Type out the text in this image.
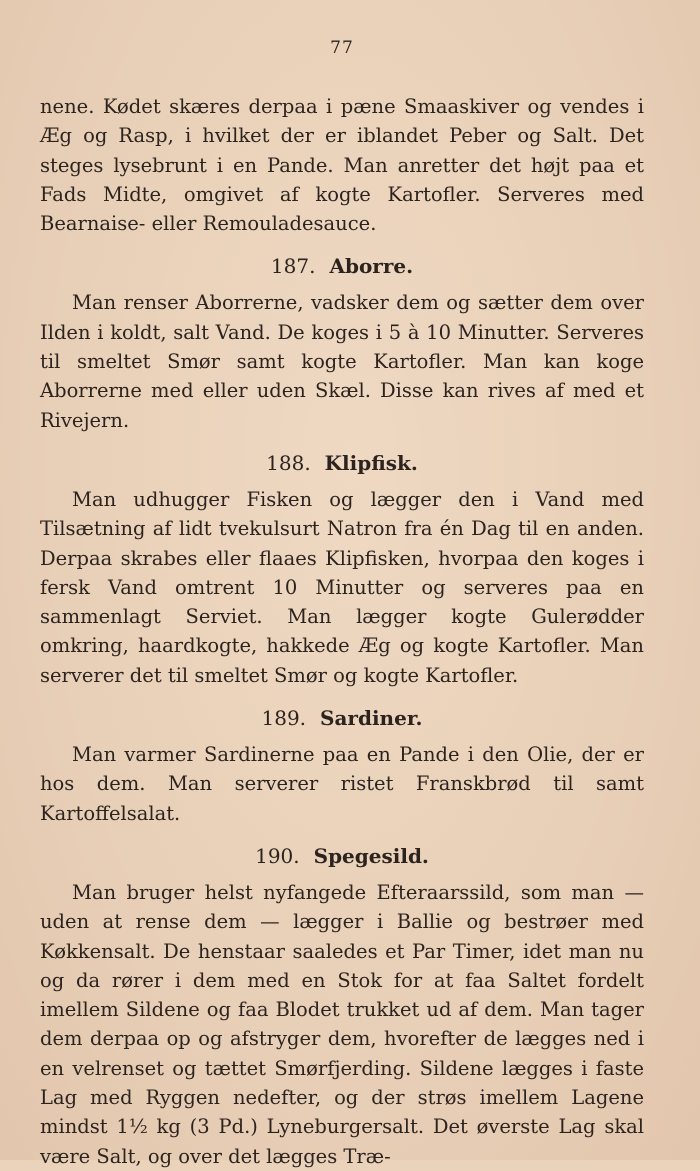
77

nene. Kødet skæres derpaa i pæne Smaaskiver og vendes i Æg og Rasp, i hvilket der er iblandet Peber og Salt. Det steges lysebrunt i en Pande. Man anretter det højt paa et Fads Midte, omgivet af kogte Kartofler. Serveres med Bearnaise- eller Remouladesauce.

187. Aborre.

Man renser Aborrerne, vadsker dem og sætter dem over Ilden i koldt, salt Vand. De koges i 5 à 10 Minutter. Serveres til smeltet Smør samt kogte Kartofler. Man kan koge Aborrerne med eller uden Skæl. Disse kan rives af med et Rivejern.

188. Klipfisk.

Man udhugger Fisken og lægger den i Vand med Tilsætning af lidt tvekulsurt Natron fra én Dag til en anden. Derpaa skrabes eller flaaes Klipfisken, hvorpaa den koges i fersk Vand omtrent 10 Minutter og serveres paa en sammenlagt Serviet. Man lægger kogte Gulerødder omkring, haardkogte, hakkede Æg og kogte Kartofler. Man serverer det til smeltet Smør og kogte Kartofler.

189. Sardiner.

Man varmer Sardinerne paa en Pande i den Olie, der er hos dem. Man serverer ristet Franskbrød til samt Kartoffelsalat.

190. Spegesild.

Man bruger helst nyfangede Efteraarssild, som man — uden at rense dem — lægger i Ballie og bestrøer med Køkkensalt. De henstaar saaledes et Par Timer, idet man nu og da rører i dem med en Stok for at faa Saltet fordelt imellem Sildene og faa Blodet trukket ud af dem. Man tager dem derpaa op og afstryger dem, hvorefter de lægges ned i en velrenset og tættet Smørfjerding. Sildene lægges i faste Lag med Ryggen nedefter, og der strøs imellem Lagene mindst 1½ kg (3 Pd.) Lyneburgersalt. Det øverste Lag skal være Salt, og over det lægges Træ-
